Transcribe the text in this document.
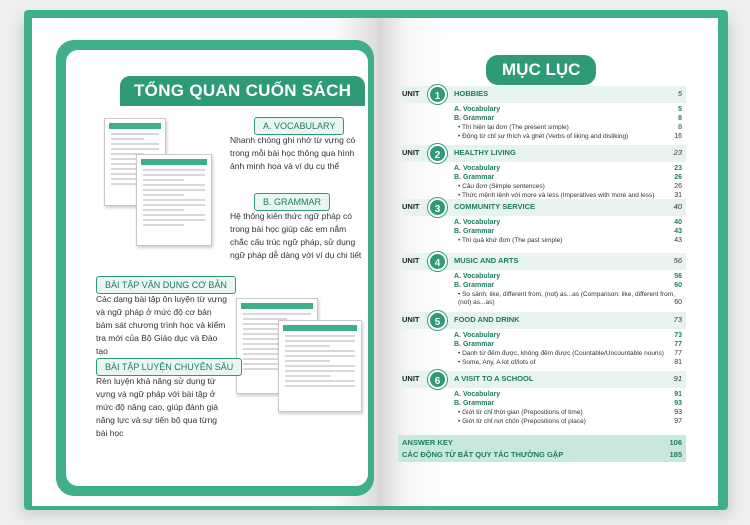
TỔNG QUAN CUỐN SÁCH
A. VOCABULARY
Nhanh chóng ghi nhớ từ vựng có trong mỗi bài học thông qua hình ảnh minh họa và ví dụ cụ thể
B. GRAMMAR
Hệ thống kiến thức ngữ pháp có trong bài học giúp các em nắm chắc cấu trúc ngữ pháp, sử dụng ngữ pháp dễ dàng với ví dụ chi tiết
BÀI TẬP VẬN DỤNG CƠ BẢN
Các dạng bài tập ôn luyện từ vựng và ngữ pháp ở mức độ cơ bản bám sát chương trình học và kiểm tra mới của Bộ Giáo dục và Đào tạo
BÀI TẬP LUYỆN CHUYÊN SÂU
Rèn luyện khả năng sử dụng từ vựng và ngữ pháp với bài tập ở mức độ nâng cao, giúp đánh giá năng lực và sự tiến bộ qua từng bài học
MỤC LỤC
UNIT	1	HOBBIES	5
A. Vocabulary	5
B. Grammar	8
• Thì hiện tại đơn (The present simple)	8
• Động từ chỉ sự thích và ghét (Verbs of liking and disliking)	16
UNIT	2	HEALTHY LIVING	23
A. Vocabulary	23
B. Grammar	26
• Câu đơn (Simple sentences)	26
• Thức mệnh lệnh với more và less (Imperatives with more and less)	31
UNIT	3	COMMUNITY SERVICE	40
A. Vocabulary	40
B. Grammar	43
• Thì quá khứ đơn (The past simple)	43
UNIT	4	MUSIC AND ARTS	56
A. Vocabulary	56
B. Grammar	60
• So sánh: like, different from, (not) as...as (Comparison: like, different from, (not) as...as)	60
UNIT	5	FOOD AND DRINK	73
A. Vocabulary	73
B. Grammar	77
• Danh từ đếm được, không đếm được (Countable/Uncountable nouns) 77
• Some, Any, A lot of/lots of	81
UNIT	6	A VISIT TO A SCHOOL	91
A. Vocabulary	91
B. Grammar	93
• Giới từ chỉ thời gian (Prepositions of time)	93
• Giới từ chỉ nơi chốn (Prepositions of place)	97
ANSWER KEY	106
CÁC ĐỘNG TỪ BẤT QUY TẮC THƯỜNG GẶP	185
